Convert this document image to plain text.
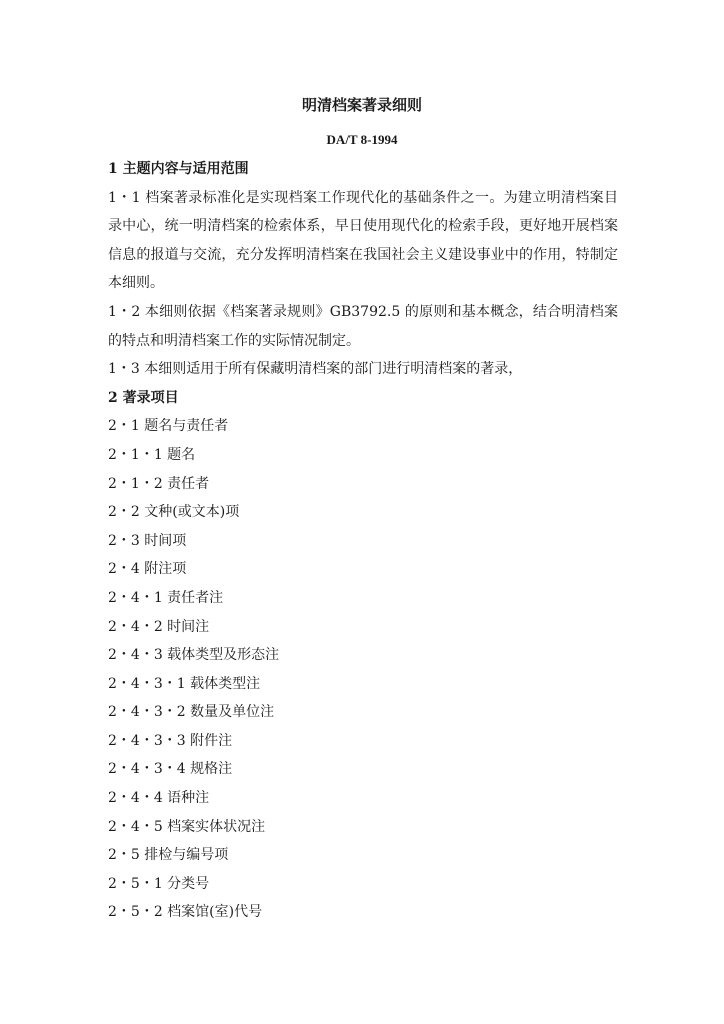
明清档案著录细则
DA/T 8-1994
1 主题内容与适用范围
1・1 档案著录标准化是实现档案工作现代化的基础条件之一。为建立明清档案目录中心，统一明清档案的检索体系，早日使用现代化的检索手段，更好地开展档案信息的报道与交流，充分发挥明清档案在我国社会主义建设事业中的作用，特制定本细则。
1・2 本细则依据《档案著录规则》GB3792.5 的原则和基本概念，结合明清档案的特点和明清档案工作的实际情况制定。
1・3 本细则适用于所有保藏明清档案的部门进行明清档案的著录，
2 著录项目
2・1 题名与责任者
2・1・1 题名
2・1・2 责任者
2・2 文种(或文本)项
2・3 时间项
2・4 附注项
2・4・1 责任者注
2・4・2 时间注
2・4・3 载体类型及形态注
2・4・3・1 载体类型注
2・4・3・2 数量及单位注
2・4・3・3 附件注
2・4・3・4 规格注
2・4・4 语种注
2・4・5 档案实体状况注
2・5 排检与编号项
2・5・1 分类号
2・5・2 档案馆(室)代号
